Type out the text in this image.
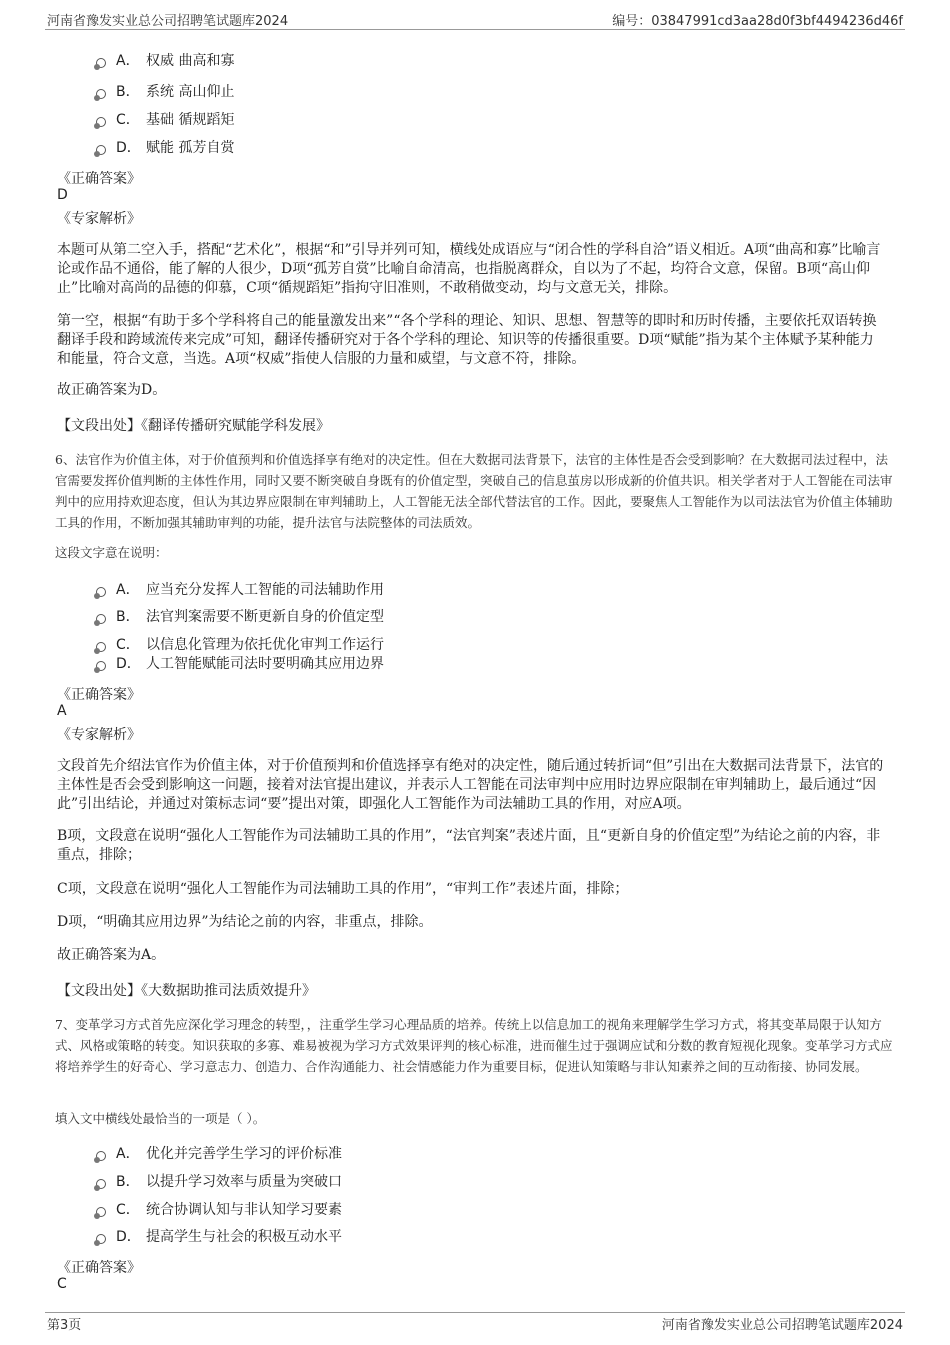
河南省豫发实业总公司招聘笔试题库2024	编号：03847991cd3aa28d0f3bf4494236d46f
A． 权威 曲高和寡
B． 系统 高山仰止
C． 基础 循规蹈矩
D． 赋能 孤芳自赏
《正确答案》
D
《专家解析》
本题可从第二空入手，搭配“艺术化”，根据“和”引导并列可知，横线处成语应与“闭合性的学科自洽”语义相近。A项“曲高和寡”比喻言论或作品不通俗，能了解的人很少，D项“孤芳自赏”比喻自命清高，也指脱离群众，自以为了不起，均符合文意，保留。B项“高山仰止”比喻对高尚的品德的仰慕，C项“循规蹈矩”指拘守旧准则，不敢稍做变动，均与文意无关，排除。
第一空，根据“有助于多个学科将自己的能量激发出来”“各个学科的理论、知识、思想、智慧等的即时和历时传播，主要依托双语转换翻译手段和跨域流传来完成”可知，翻译传播研究对于各个学科的理论、知识等的传播很重要。D项“赋能”指为某个主体赋予某种能力和能量，符合文意，当选。A项“权威”指使人信服的力量和威望，与文意不符，排除。
故正确答案为D。
【文段出处】《翻译传播研究赋能学科发展》
6、法官作为价值主体，对于价值预判和价值选择享有绝对的决定性。但在大数据司法背景下，法官的主体性是否会受到影响？在大数据司法过程中，法官需要发挥价值判断的主体性作用，同时又要不断突破自身既有的价值定型，突破自己的信息茧房以形成新的价值共识。相关学者对于人工智能在司法审判中的应用持欢迎态度，但认为其边界应限制在审判辅助上，人工智能无法全部代替法官的工作。因此，要聚焦人工智能作为以司法法官为价值主体辅助工具的作用，不断加强其辅助审判的功能，提升法官与法院整体的司法质效。
这段文字意在说明：
A． 应当充分发挥人工智能的司法辅助作用
B． 法官判案需要不断更新自身的价值定型
C． 以信息化管理为依托优化审判工作运行
D． 人工智能赋能司法时要明确其应用边界
《正确答案》
A
《专家解析》
文段首先介绍法官作为价值主体，对于价值预判和价值选择享有绝对的决定性，随后通过转折词“但”引出在大数据司法背景下，法官的主体性是否会受到影响这一问题，接着对法官提出建议，并表示人工智能在司法审判中应用时边界应限制在审判辅助上，最后通过“因此”引出结论，并通过对策标志词“要”提出对策，即强化人工智能作为司法辅助工具的作用，对应A项。
B项，文段意在说明“强化人工智能作为司法辅助工具的作用”，“法官判案”表述片面，且“更新自身的价值定型”为结论之前的内容，非重点，排除；
C项，文段意在说明“强化人工智能作为司法辅助工具的作用”，“审判工作”表述片面，排除；
D项，“明确其应用边界”为结论之前的内容，非重点，排除。
故正确答案为A。
【文段出处】《大数据助推司法质效提升》
7、变革学习方式首先应深化学习理念的转型，，注重学生学习心理品质的培养。传统上以信息加工的视角来理解学生学习方式，将其变革局限于认知方式、风格或策略的转变。知识获取的多寡、难易被视为学习方式效果评判的核心标准，进而催生过于强调应试和分数的教育短视化现象。变革学习方式应将培养学生的好奇心、学习意志力、创造力、合作沟通能力、社会情感能力作为重要目标，促进认知策略与非认知素养之间的互动衔接、协同发展。
填入文中横线处最恰当的一项是（ ）。
A． 优化并完善学生学习的评价标准
B． 以提升学习效率与质量为突破口
C． 统合协调认知与非认知学习要素
D． 提高学生与社会的积极互动水平
《正确答案》
C
第3页	河南省豫发实业总公司招聘笔试题库2024
